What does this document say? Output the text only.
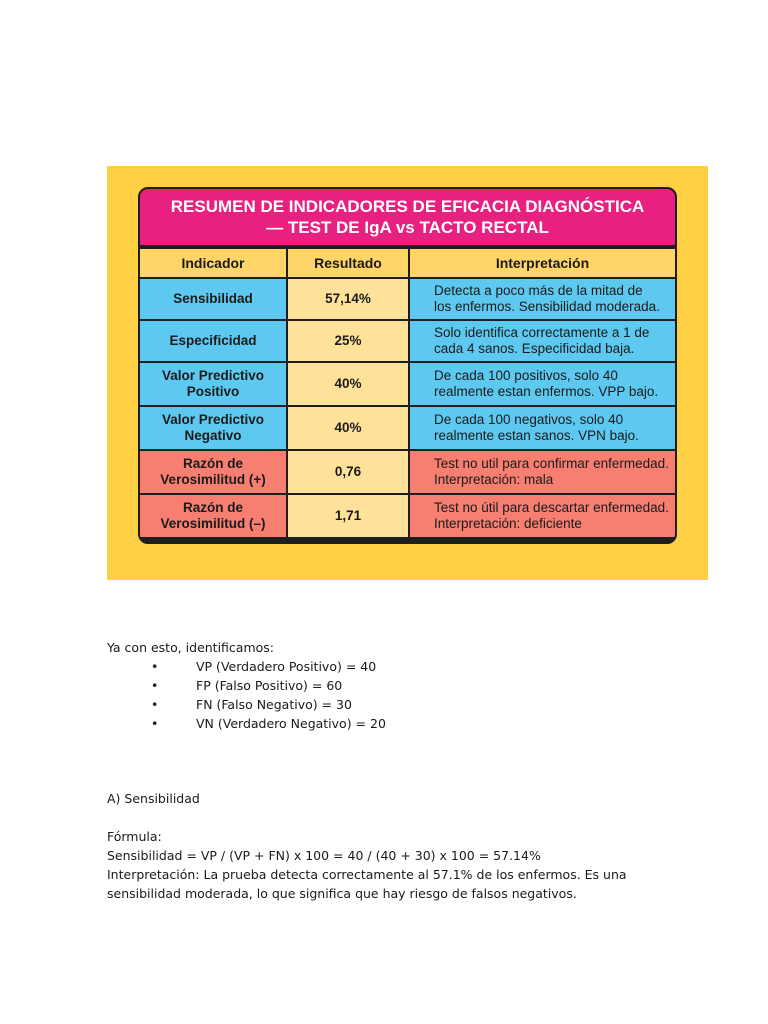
RESUMEN DE INDICADORES DE EFICACIA DIAGNÓSTICA
— TEST DE IgA vs TACTO RECTAL
Indicador	Resultado	Interpretación
Sensibilidad	57,14%	Detecta a poco más de la mitad de
los enfermos. Sensibilidad moderada.

Especificidad	25%	Solo identifica correctamente a 1 de
cada 4 sanos. Especificidad baja.

Valor Predictivo
Positivo	40%	De cada 100 positivos, solo 40
realmente estan enfermos. VPP bajo.

Valor Predictivo
Negativo	40%	De cada 100 negativos, solo 40
realmente estan sanos. VPN bajo.

Razón de
Verosimilitud (+)	0,76	Test no util para confirmar enfermedad.
Interpretación: mala

Razón de
Verosimilitud (–)	1,71	Test no útil para descartar enfermedad.
Interpretación: deficiente
Ya con esto, identificamos:
•	VP (Verdadero Positivo) = 40
•	FP (Falso Positivo) = 60
•	FN (Falso Negativo) = 30
•	VN (Verdadero Negativo) = 20
A) Sensibilidad
Fórmula:
Sensibilidad = VP / (VP + FN) x 100 = 40 / (40 + 30) x 100 = 57.14%
Interpretación: La prueba detecta correctamente al 57.1% de los enfermos. Es una
sensibilidad moderada, lo que significa que hay riesgo de falsos negativos.
